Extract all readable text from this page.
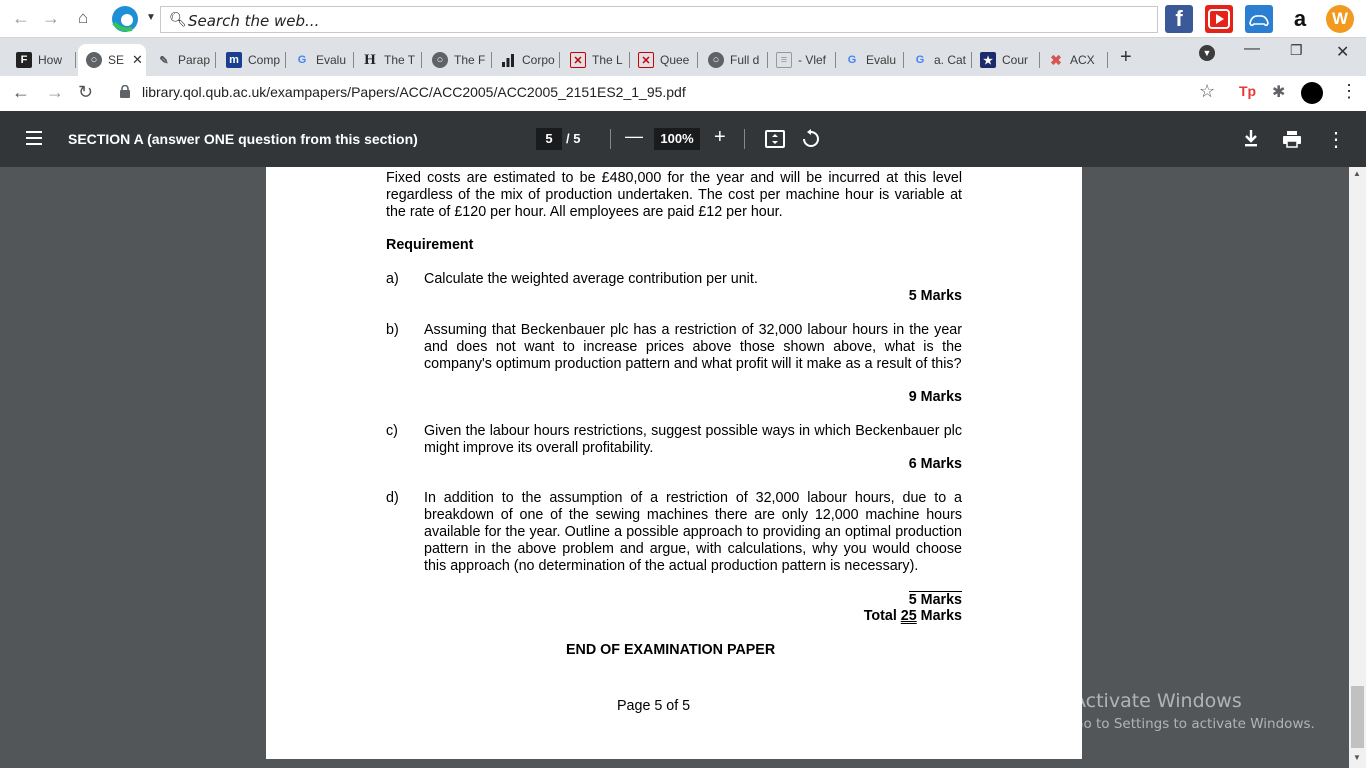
← → ⌂	▼ 🔍︎ Search the web...	f	a	W
F How	○ SE ✕	✎ Parap m Comp	G Evalu H The T	○ The F	Corpo	✕ The L	✕ Quee	○ Full d	≡ - Vlef	G Evalu	G a. Cat ★ Cour ✖ ACX +	▼ — ❐ ✕
← → ↻	library.qol.qub.ac.uk/exampapers/Papers/ACC/ACC2005/ACC2005_2151ES2_1_95.pdf	☆ Tp ✱	⋮
SECTION A (answer ONE question from this section)	5	/ 5 —	100%	+	⋮
Fixed costs are estimated to be £480,000 for the year and will be incurred at this level regardless of the mix of production undertaken. The cost per machine hour is variable at the rate of £120 per hour. All employees are paid £12 per hour.
Requirement
a) Calculate the weighted average contribution per unit.
5 Marks
b) Assuming that Beckenbauer plc has a restriction of 32,000 labour hours in the year and does not want to increase prices above those shown above, what is the company's optimum production pattern and what profit will it make as a result of this?
9 Marks
c) Given the labour hours restrictions, suggest possible ways in which Beckenbauer plc might improve its overall profitability.
6 Marks
d) In addition to the assumption of a restriction of 32,000 labour hours, due to a breakdown of one of the sewing machines there are only 12,000 machine hours available for the year. Outline a possible approach to providing an optimal production pattern in the above problem and argue, with calculations, why you would choose this approach (no determination of the actual production pattern is necessary).
5 Marks
Total 25 Marks
END OF EXAMINATION PAPER
Page 5 of 5
▲
▼
Activate Windows
Go to Settings to activate Windows.
